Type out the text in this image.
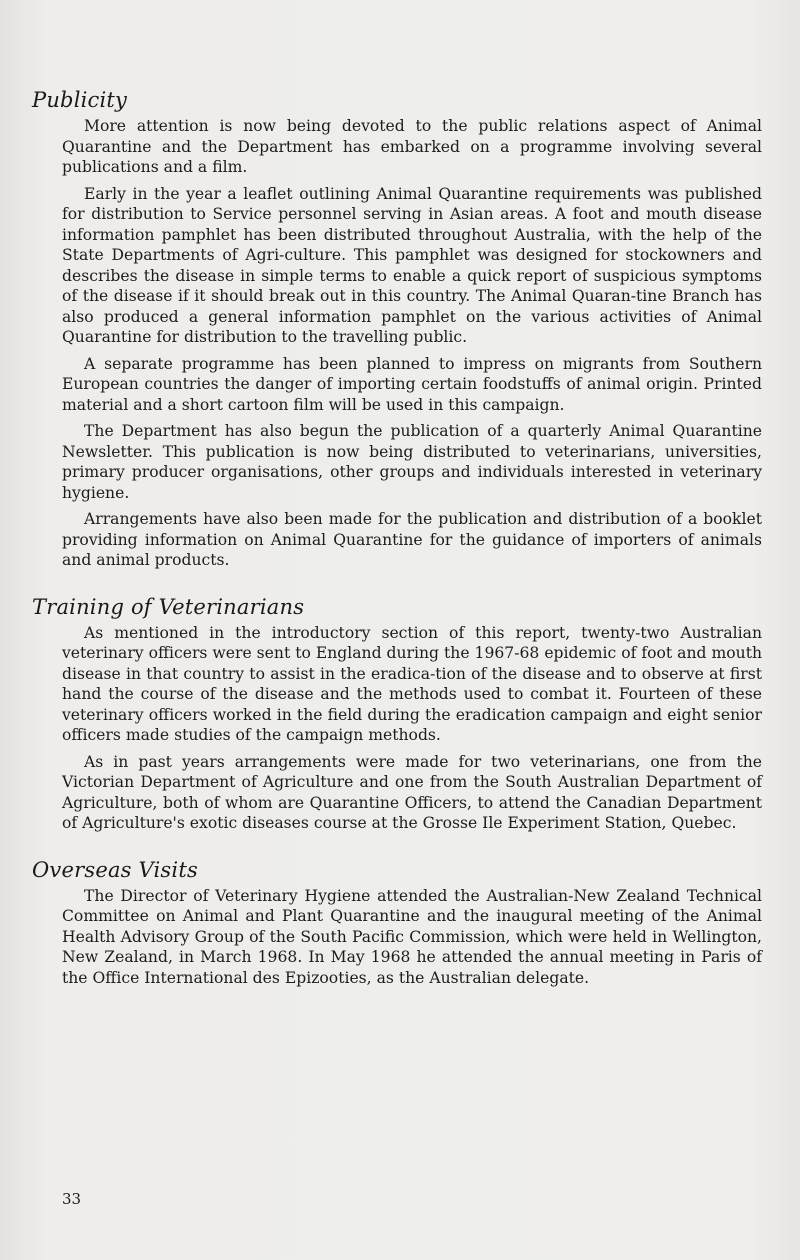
Publicity

More attention is now being devoted to the public relations aspect of Animal Quarantine and the Department has embarked on a programme involving several publications and a film.

Early in the year a leaflet outlining Animal Quarantine requirements was published for distribution to Service personnel serving in Asian areas. A foot and mouth disease information pamphlet has been distributed throughout Australia, with the help of the State Departments of Agri-culture. This pamphlet was designed for stockowners and describes the disease in simple terms to enable a quick report of suspicious symptoms of the disease if it should break out in this country. The Animal Quaran-tine Branch has also produced a general information pamphlet on the various activities of Animal Quarantine for distribution to the travelling public.

A separate programme has been planned to impress on migrants from Southern European countries the danger of importing certain foodstuffs of animal origin. Printed material and a short cartoon film will be used in this campaign.

The Department has also begun the publication of a quarterly Animal Quarantine Newsletter. This publication is now being distributed to veterinarians, universities, primary producer organisations, other groups and individuals interested in veterinary hygiene.

Arrangements have also been made for the publication and distribution of a booklet providing information on Animal Quarantine for the guidance of importers of animals and animal products.

Training of Veterinarians

As mentioned in the introductory section of this report, twenty-two Australian veterinary officers were sent to England during the 1967-68 epidemic of foot and mouth disease in that country to assist in the eradica-tion of the disease and to observe at first hand the course of the disease and the methods used to combat it. Fourteen of these veterinary officers worked in the field during the eradication campaign and eight senior officers made studies of the campaign methods.

As in past years arrangements were made for two veterinarians, one from the Victorian Department of Agriculture and one from the South Australian Department of Agriculture, both of whom are Quarantine Officers, to attend the Canadian Department of Agriculture's exotic diseases course at the Grosse Ile Experiment Station, Quebec.

Overseas Visits

The Director of Veterinary Hygiene attended the Australian-New Zealand Technical Committee on Animal and Plant Quarantine and the inaugural meeting of the Animal Health Advisory Group of the South Pacific Commission, which were held in Wellington, New Zealand, in March 1968. In May 1968 he attended the annual meeting in Paris of the Office International des Epizooties, as the Australian delegate.

33
